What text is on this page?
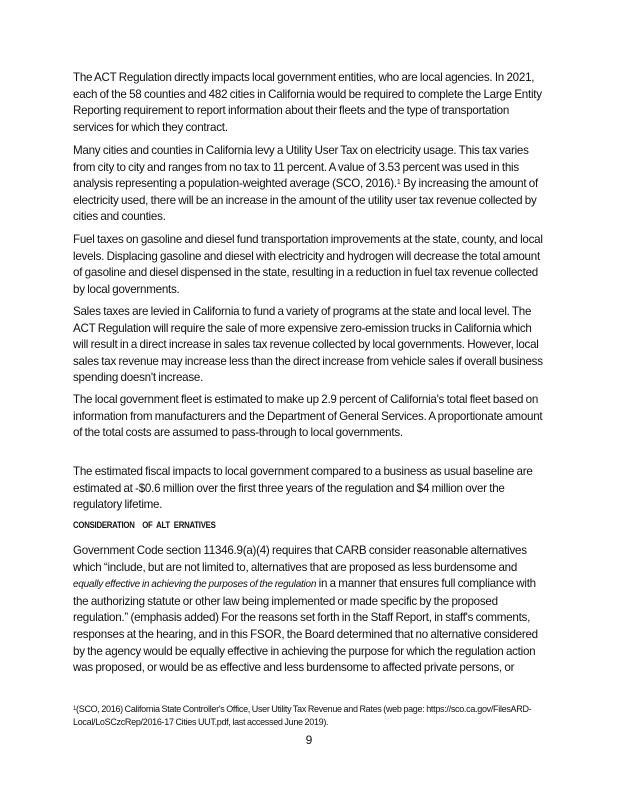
The ACT Regulation directly impacts local government entities, who are local agencies. In 2021, each of the 58 counties and 482 cities in California would be required to complete the Large Entity Reporting requirement to report information about their fleets and the type of transportation services for which they contract.

Many cities and counties in California levy a Utility User Tax on electricity usage. This tax varies from city to city and ranges from no tax to 11 percent. A value of 3.53 percent was used in this analysis representing a population-weighted average (SCO, 2016).$^1$ By increasing the amount of electricity used, there will be an increase in the amount of the utility user tax revenue collected by cities and counties.

Fuel taxes on gasoline and diesel fund transportation improvements at the state, county, and local levels. Displacing gasoline and diesel with electricity and hydrogen will decrease the total amount of gasoline and diesel dispensed in the state, resulting in a reduction in fuel tax revenue collected by local governments.

Sales taxes are levied in California to fund a variety of programs at the state and local level. The ACT Regulation will require the sale of more expensive zero-emission trucks in California which will result in a direct increase in sales tax revenue collected by local governments. However, local sales tax revenue may increase less than the direct increase from vehicle sales if overall business spending doesn't increase.

The local government fleet is estimated to make up 2.9 percent of California's total fleet based on information from manufacturers and the Department of General Services. A proportionate amount of the total costs are assumed to pass-through to local governments.

The estimated fiscal impacts to local government compared to a business as usual baseline are estimated at -$0.6 million over the first three years of the regulation and $4 million over the regulatory lifetime.

CONSIDERATION    OF  ALT  ERNATIVES

Government Code section 11346.9(a)(4) requires that CARB consider reasonable alternatives which “include, but are not limited to, alternatives that are proposed as less burdensome and equally effective in achieving the purposes of the regulation in a manner that ensures full compliance with the authorizing statute or other law being implemented or made specific by the proposed regulation.” (emphasis added) For the reasons set forth in the Staff Report, in staff's comments, responses at the hearing, and in this FSOR, the Board determined that no alternative considered by the agency would be equally effective in achieving the purpose for which the regulation action was proposed, or would be as effective and less burdensome to affected private persons, or

$^1$(SCO, 2016) California State Controller's Office, User Utility Tax Revenue and Rates (web page: https://sco.ca.gov/FilesARD-Local/LoSCzcRep/2016-17 Cities UUT.pdf, last accessed June 2019).
9
